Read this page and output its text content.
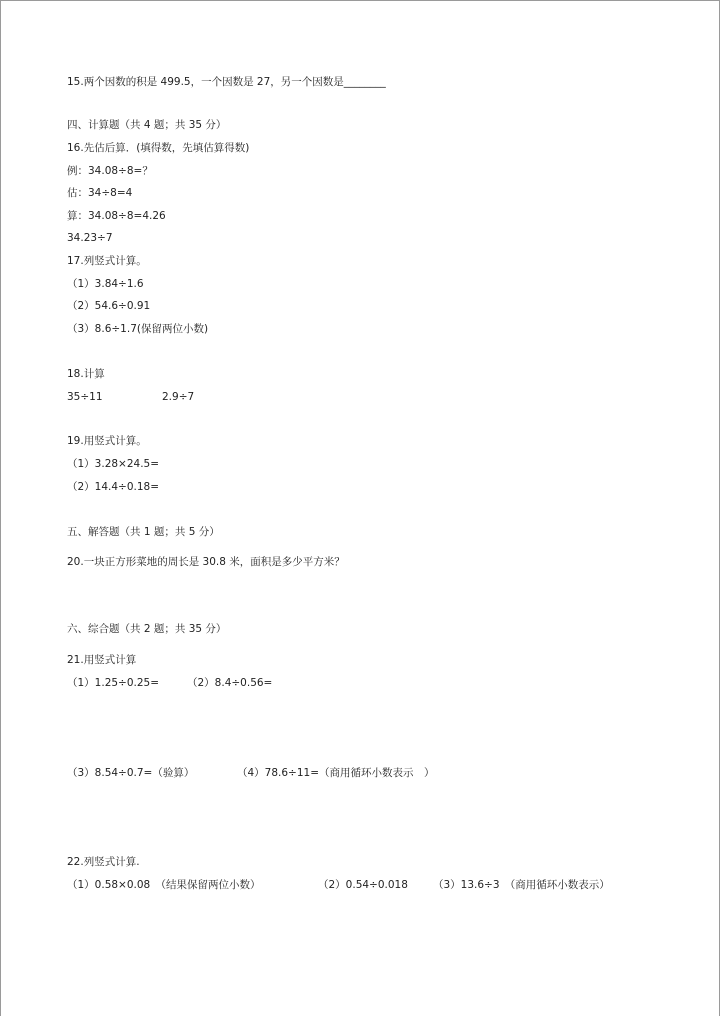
15.两个因数的积是 499.5，一个因数是 27，另一个因数是________
四、计算题（共 4 题；共 35 分）
16.先估后算．(填得数，先填估算得数)
例：34.08÷8=？
估：34÷8=4
算：34.08÷8=4.26
34.23÷7
17.列竖式计算。
（1）3.84÷1.6
（2）54.6÷0.91
（3）8.6÷1.7(保留两位小数)
18.计算
35÷11	2.9÷7
19.用竖式计算。
（1）3.28×24.5=
（2）14.4÷0.18=
五、解答题（共 1 题；共 5 分）
20.一块正方形菜地的周长是 30.8 米，面积是多少平方米？
六、综合题（共 2 题；共 35 分）
21.用竖式计算
（1）1.25÷0.25=	（2）8.4÷0.56=
（3）8.54÷0.7=（验算）	（4）78.6÷11=（商用循环小数表示　）
22.列竖式计算.
（1）0.58×0.08　（结果保留两位小数）	（2）0.54÷0.018 （3）13.6÷3　（商用循环小数表示）
